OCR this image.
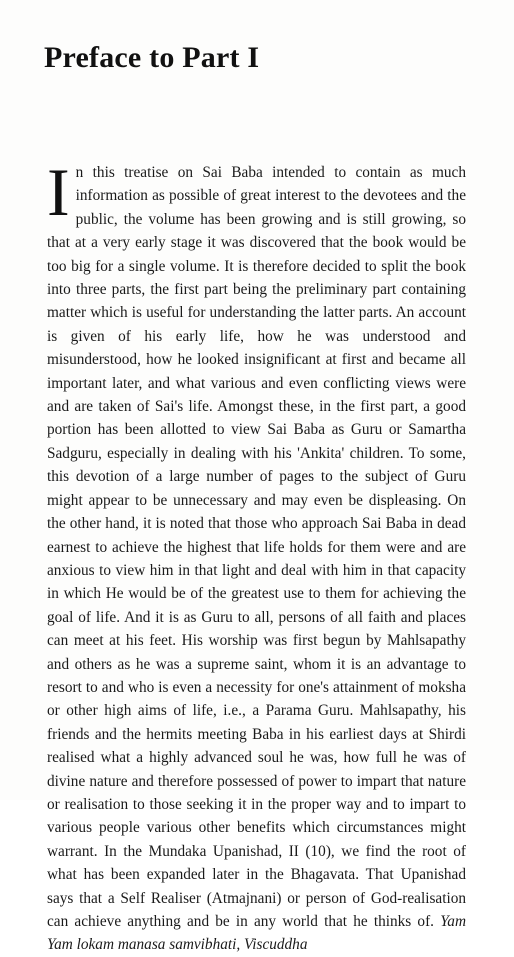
Preface to Part I

In this treatise on Sai Baba intended to contain as much information as possible of great interest to the devotees and the public, the volume has been growing and is still growing, so that at a very early stage it was discovered that the book would be too big for a single volume. It is therefore decided to split the book into three parts, the first part being the preliminary part containing matter which is useful for understanding the latter parts. An account is given of his early life, how he was understood and misunderstood, how he looked insignificant at first and became all important later, and what various and even conflicting views were and are taken of Sai's life. Amongst these, in the first part, a good portion has been allotted to view Sai Baba as Guru or Samartha Sadguru, especially in dealing with his 'Ankita' children. To some, this devotion of a large number of pages to the subject of Guru might appear to be unnecessary and may even be displeasing. On the other hand, it is noted that those who approach Sai Baba in dead earnest to achieve the highest that life holds for them were and are anxious to view him in that light and deal with him in that capacity in which He would be of the greatest use to them for achieving the goal of life. And it is as Guru to all, persons of all faith and places can meet at his feet. His worship was first begun by Mahlsapathy and others as he was a supreme saint, whom it is an advantage to resort to and who is even a necessity for one's attainment of moksha or other high aims of life, i.e., a Parama Guru. Mahlsapathy, his friends and the hermits meeting Baba in his earliest days at Shirdi realised what a highly advanced soul he was, how full he was of divine nature and therefore possessed of power to impart that nature or realisation to those seeking it in the proper way and to impart to various people various other benefits which circumstances might warrant. In the Mundaka Upanishad, II (10), we find the root of what has been expanded later in the Bhagavata. That Upanishad says that a Self Realiser (Atmajnani) or person of God-realisation can achieve anything and be in any world that he thinks of. Yam Yam lokam manasa samvibhati, Viscuddha
